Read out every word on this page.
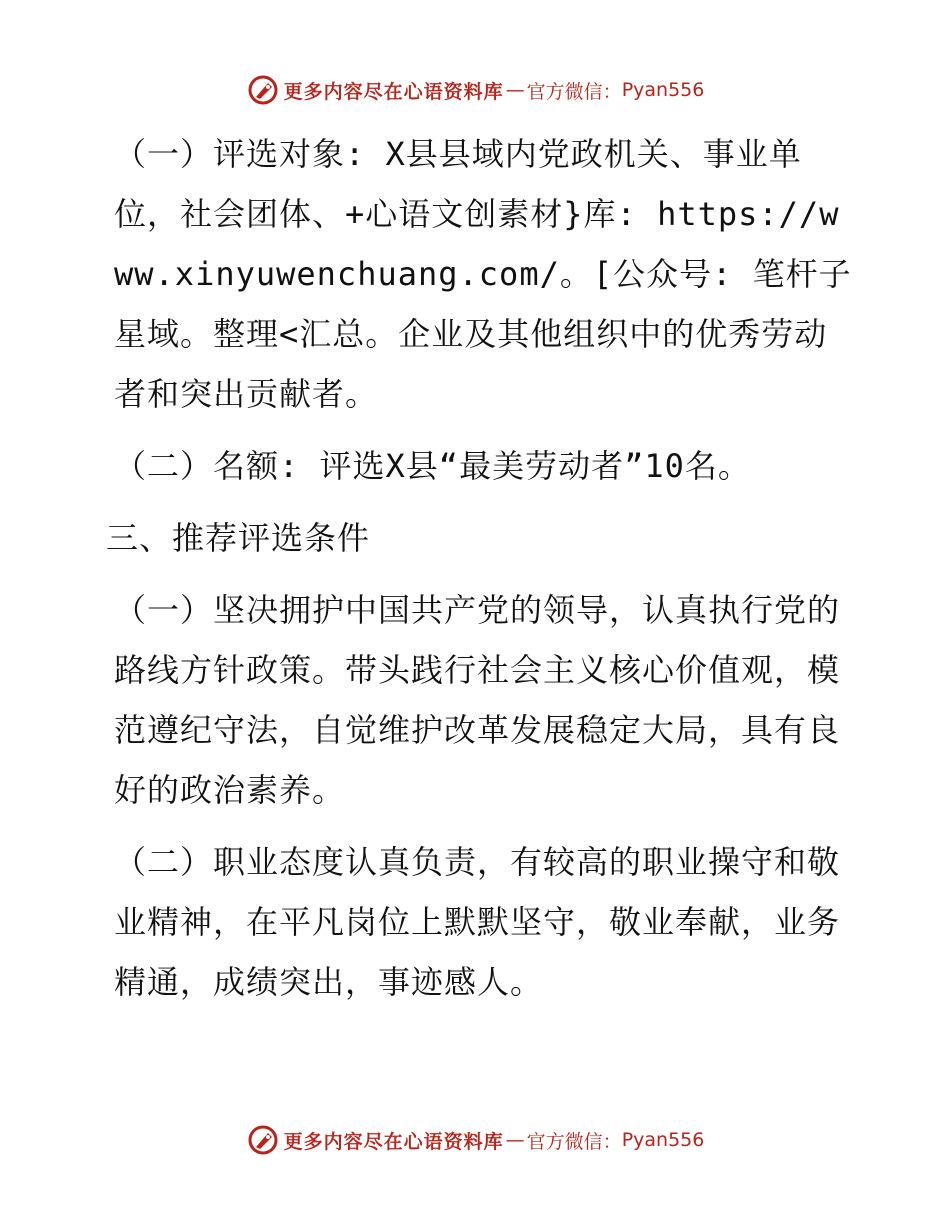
更多内容尽在心语资料库 — 官方微信： Pyan556

（一）评选对象: X县县域内党政机关、事业单位，社会团体、+心语文创素材}库: https://www.xinyuwenchuang.com/。[公众号: 笔杆子星域。整理<汇总。企业及其他组织中的优秀劳动者和突出贡献者。

（二）名额: 评选X县“最美劳动者”10名。

三、推荐评选条件

（一）坚决拥护中国共产党的领导，认真执行党的路线方针政策。带头践行社会主义核心价值观，模范遵纪守法，自觉维护改革发展稳定大局，具有良好的政治素养。

（二）职业态度认真负责，有较高的职业操守和敬业精神，在平凡岗位上默默坚守，敬业奉献，业务精通，成绩突出，事迹感人。

更多内容尽在心语资料库 — 官方微信： Pyan556
